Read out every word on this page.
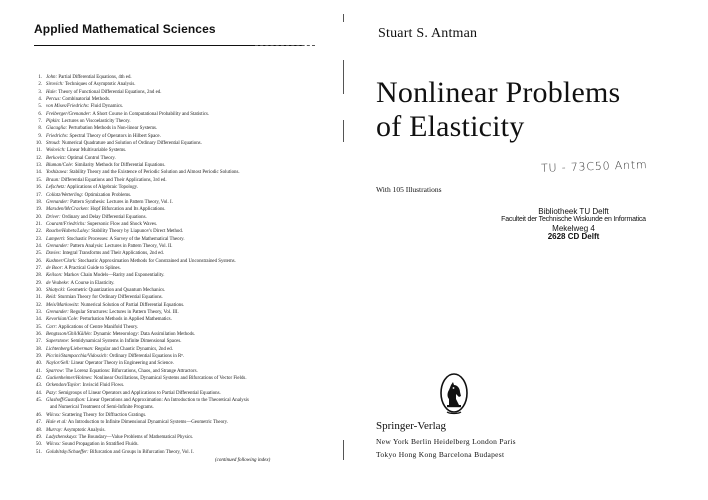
Applied Mathematical Sciences
1. John: Partial Differential Equations, 4th ed.
2. Sirovich: Techniques of Asymptotic Analysis.
3. Hale: Theory of Functional Differential Equations, 2nd ed.
4. Percus: Combinatorial Methods.
5. von Mises/Friedrichs: Fluid Dynamics.
6. Freiberger/Grenander: A Short Course in Computational Probability and Statistics.
7. Pipkin: Lectures on Viscoelasticity Theory.
8. Giacaglia: Perturbation Methods in Non-linear Systems.
9. Friedrichs: Spectral Theory of Operators in Hilbert Space.
10. Stroud: Numerical Quadrature and Solution of Ordinary Differential Equations.
11. Wolovich: Linear Multivariable Systems.
12. Berkovitz: Optimal Control Theory.
13. Bluman/Cole: Similarity Methods for Differential Equations.
14. Yoshizawa: Stability Theory and the Existence of Periodic Solution and Almost Periodic Solutions.
15. Braun: Differential Equations and Their Applications, 3rd ed.
16. Lefschetz: Applications of Algebraic Topology.
17. Collatz/Wetterling: Optimization Problems.
18. Grenander: Pattern Synthesis: Lectures in Pattern Theory, Vol. I.
19. Marsden/McCracken: Hopf Bifurcation and Its Applications.
20. Driver: Ordinary and Delay Differential Equations.
21. Courant/Friedrichs: Supersonic Flow and Shock Waves.
22. Rouche/Habets/Laloy: Stability Theory by Liapunov's Direct Method.
23. Lamperti: Stochastic Processes: A Survey of the Mathematical Theory.
24. Grenander: Pattern Analysis: Lectures in Pattern Theory, Vol. II.
25. Davies: Integral Transforms and Their Applications, 2nd ed.
26. Kushner/Clark: Stochastic Approximation Methods for Constrained and Unconstrained Systems.
27. de Boor: A Practical Guide to Splines.
28. Keilson: Markov Chain Models—Rarity and Exponentiality.
29. de Veubeke: A Course in Elasticity.
30. Shiatycki: Geometric Quantization and Quantum Mechanics.
31. Reid: Sturmian Theory for Ordinary Differential Equations.
32. Meis/Markowitz: Numerical Solution of Partial Differential Equations.
33. Grenander: Regular Structures: Lectures in Pattern Theory, Vol. III.
34. Kevorkian/Cole: Perturbation Methods in Applied Mathematics.
35. Carr: Applications of Centre Manifold Theory.
36. Bengtsson/Ghil/Källén: Dynamic Meteorology: Data Assimilation Methods.
37. Saperstone: Semidynamical Systems in Infinite Dimensional Spaces.
38. Lichtenberg/Lieberman: Regular and Chaotic Dynamics, 2nd ed.
39. Piccini/Stampacchia/Vidossich: Ordinary Differential Equations in Rⁿ.
40. Naylor/Sell: Linear Operator Theory in Engineering and Science.
41. Sparrow: The Lorenz Equations: Bifurcations, Chaos, and Strange Attractors.
42. Guckenheimer/Holmes: Nonlinear Oscillations, Dynamical Systems and Bifurcations of Vector Fields.
43. Ockendon/Taylor: Inviscid Fluid Flows.
44. Pazy: Semigroups of Linear Operators and Applications to Partial Differential Equations.
45. Glashoff/Gustafson: Linear Operations and Approximation: An Introduction to the Theoretical Analysis
and Numerical Treatment of Semi-Infinite Programs.
46. Wilcox: Scattering Theory for Diffraction Gratings.
47. Hale et al: An Introduction to Infinite Dimensional Dynamical Systems—Geometric Theory.
48. Murray: Asymptotic Analysis.
49. Ladyzhenskaya: The Boundary—Value Problems of Mathematical Physics.
50. Wilcox: Sound Propagation in Stratified Fluids.
51. Golubitsky/Schaeffer: Bifurcation and Groups in Bifurcation Theory, Vol. I.
(continued following index)
Stuart S. Antman
Nonlinear Problems
of Elasticity
With 105 Illustrations
TU - 73C50 Antm
Bibliotheek TU Delft
Faculteit der Technische Wiskunde en Informatica
Mekelweg 4
2628 CD Delft
Springer-Verlag
New York Berlin Heidelberg London Paris
Tokyo Hong Kong Barcelona Budapest
